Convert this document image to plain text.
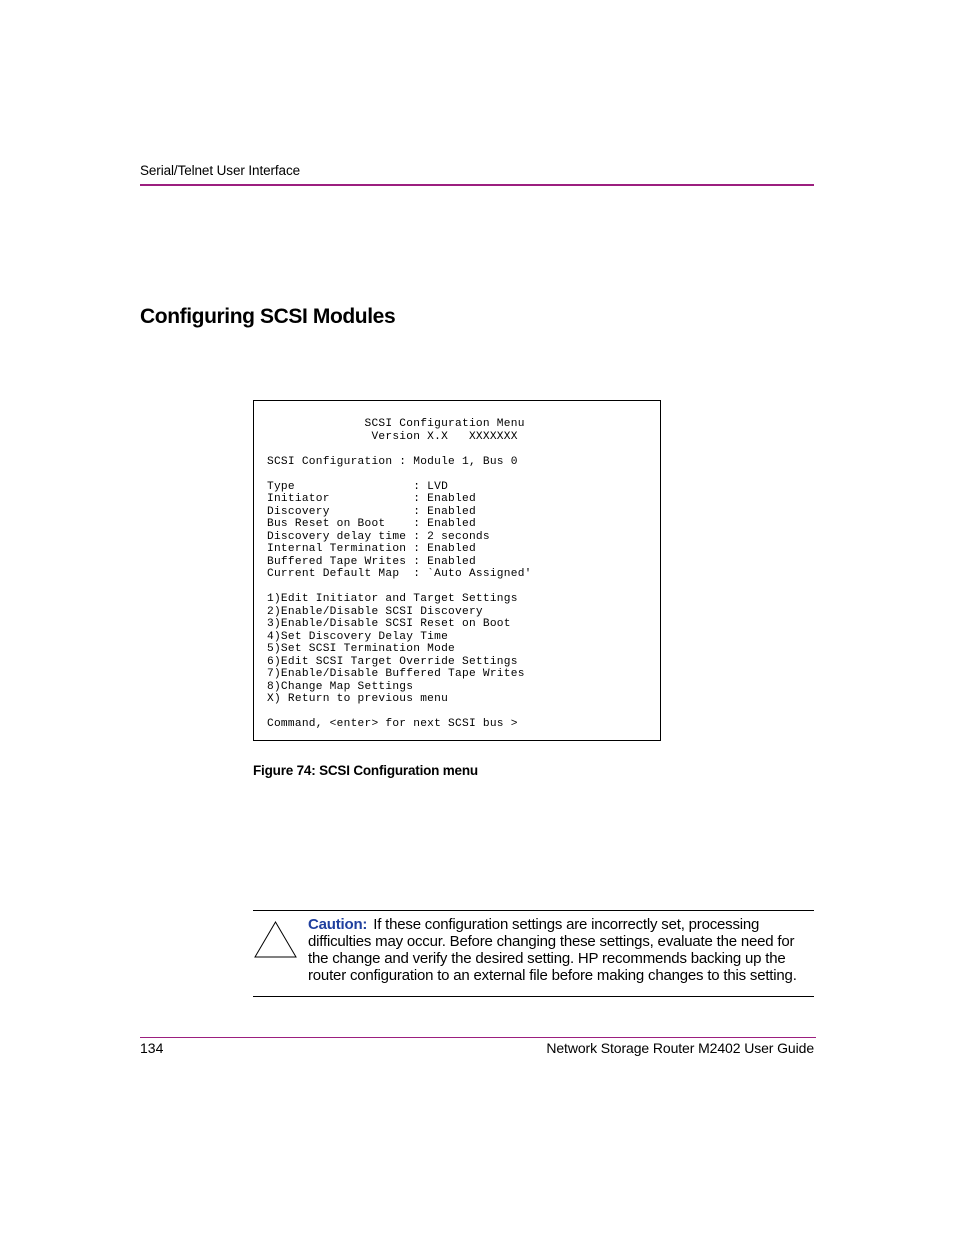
Serial/Telnet User Interface
Configuring SCSI Modules
SCSI Configuration Menu
Version X.X   XXXXXXX

SCSI Configuration : Module 1, Bus 0

Type                 : LVD
Initiator            : Enabled
Discovery            : Enabled
Bus Reset on Boot    : Enabled
Discovery delay time : 2 seconds
Internal Termination : Enabled
Buffered Tape Writes : Enabled
Current Default Map  : `Auto Assigned'

1)Edit Initiator and Target Settings
2)Enable/Disable SCSI Discovery
3)Enable/Disable SCSI Reset on Boot
4)Set Discovery Delay Time
5)Set SCSI Termination Mode
6)Edit SCSI Target Override Settings
7)Enable/Disable Buffered Tape Writes
8)Change Map Settings
X) Return to previous menu

Command, <enter> for next SCSI bus >
Figure 74: SCSI Configuration menu
Caution: If these configuration settings are incorrectly set, processing difficulties may occur. Before changing these settings, evaluate the need for the change and verify the desired setting. HP recommends backing up the router configuration to an external file before making changes to this setting.
134	Network Storage Router M2402 User Guide
